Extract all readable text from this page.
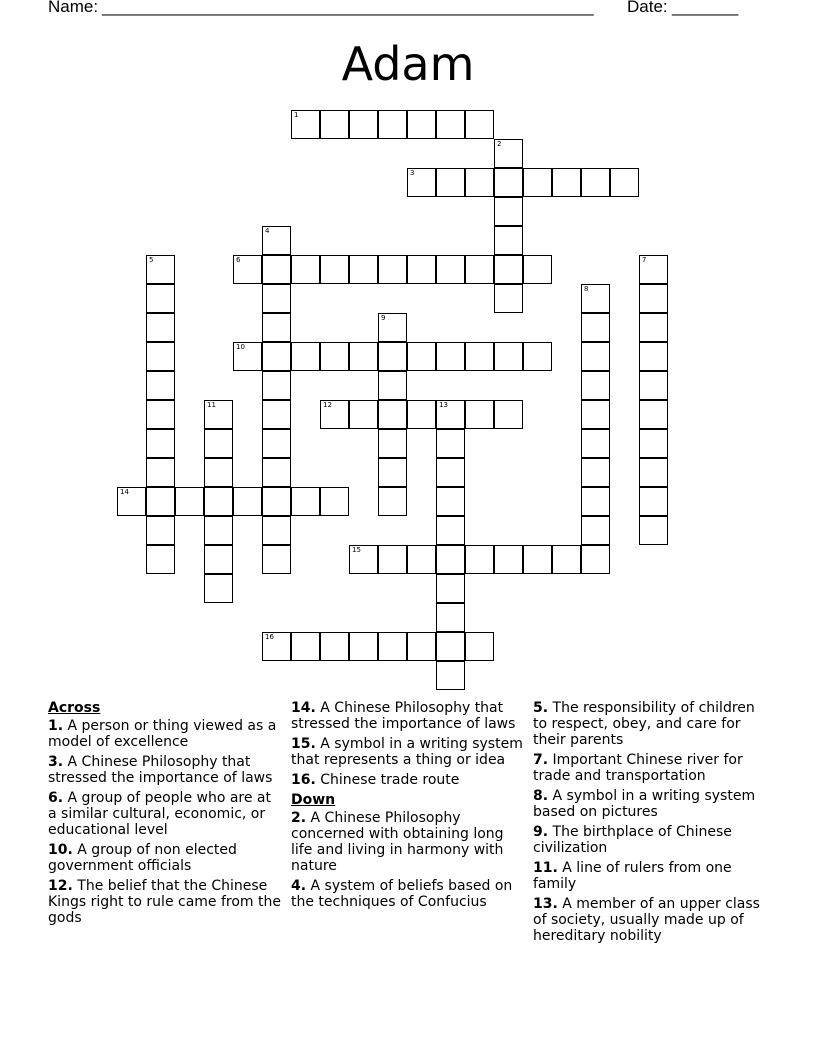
Name: ____________________________________________________ Date: _______
Adam
1
3
6
10
12	13
14
15
16
2
4
5	7
8
9
11
Across
1. A person or thing viewed as a model of excellence
3. A Chinese Philosophy that stressed the importance of laws
6. A group of people who are at a similar cultural, economic, or educational level
10. A group of non elected government officials
12. The belief that the Chinese Kings right to rule came from the gods
14. A Chinese Philosophy that stressed the importance of laws
15. A symbol in a writing system that represents a thing or idea
16. Chinese trade route
Down
2. A Chinese Philosophy concerned with obtaining long life and living in harmony with nature
4. A system of beliefs based on the techniques of Confucius
5. The responsibility of children to respect, obey, and care for their parents
7. Important Chinese river for trade and transportation
8. A symbol in a writing system based on pictures
9. The birthplace of Chinese civilization
11. A line of rulers from one family
13. A member of an upper class of society, usually made up of hereditary nobility
